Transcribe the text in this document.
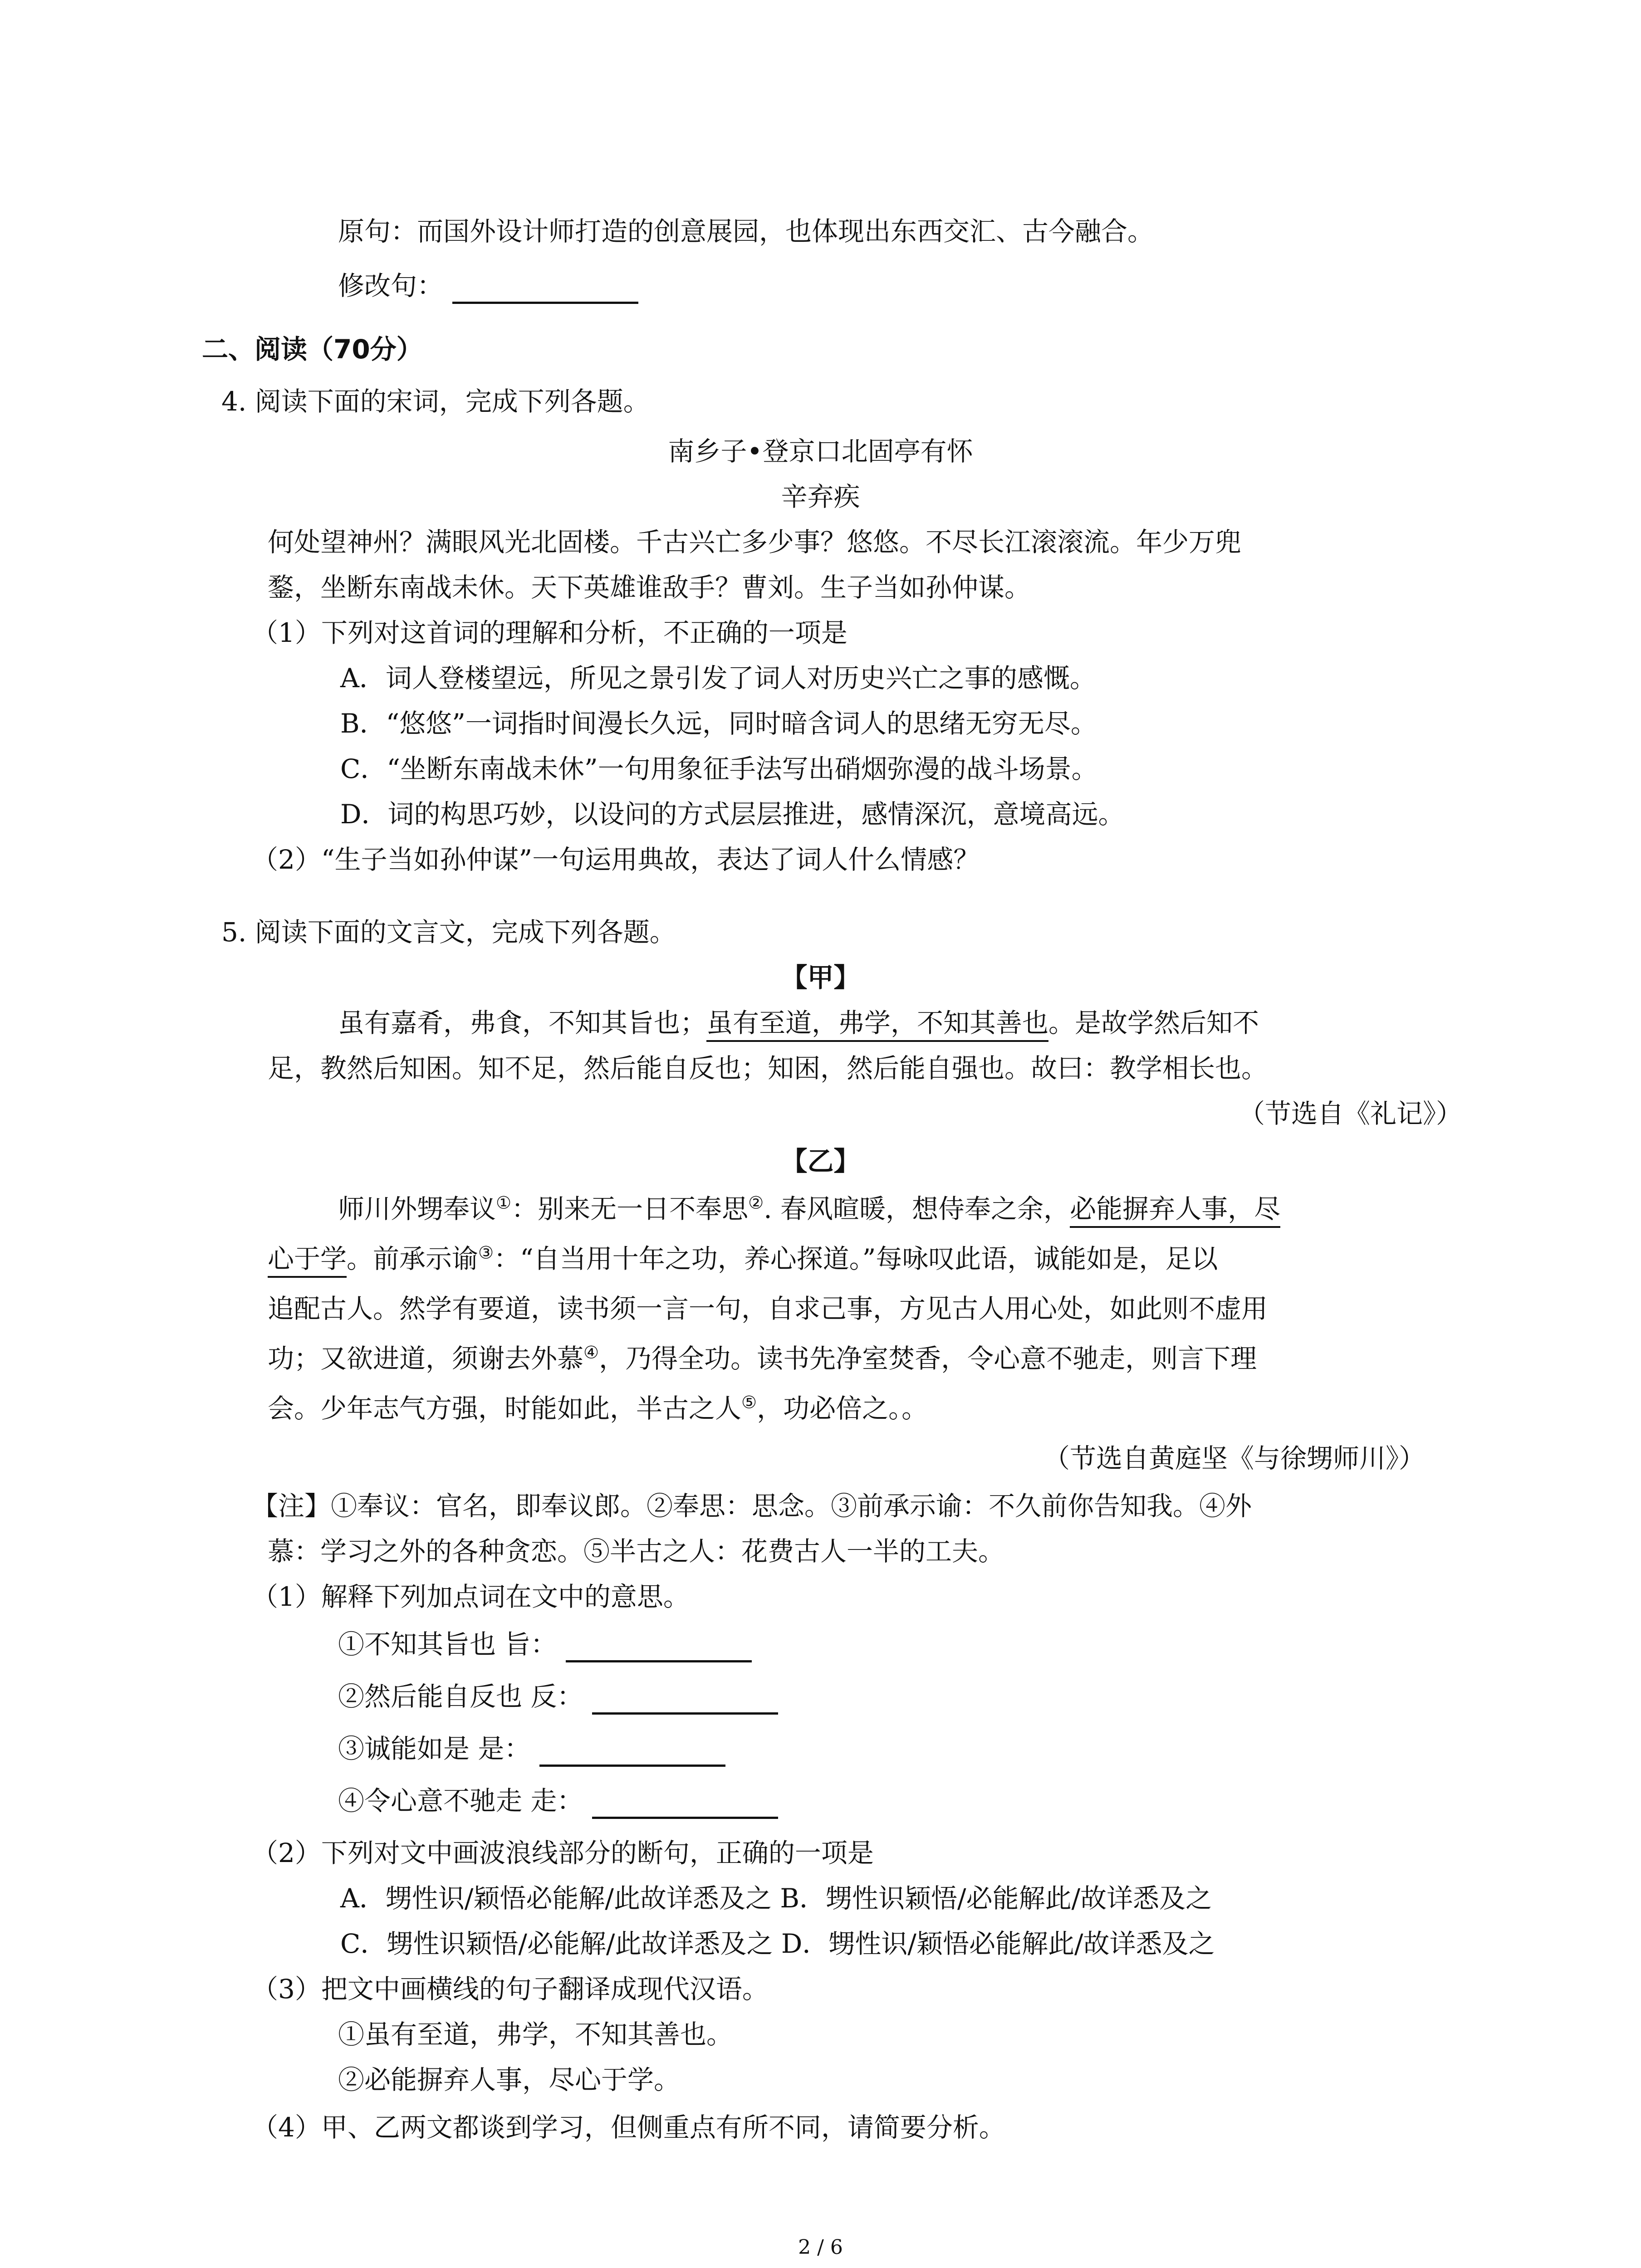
原句：而国外设计师打造的创意展园，也体现出东西交汇、古今融合。
修改句：
二、阅读（70分）
4. 阅读下面的宋词，完成下列各题。
南乡子•登京口北固亭有怀
辛弃疾
何处望神州？满眼风光北固楼。千古兴亡多少事？悠悠。不尽长江滚滚流。年少万兜
鍪，坐断东南战未休。天下英雄谁敌手？曹刘。生子当如孙仲谋。
（1）下列对这首词的理解和分析，不正确的一项是
A．词人登楼望远，所见之景引发了词人对历史兴亡之事的感慨。
B．“悠悠”一词指时间漫长久远，同时暗含词人的思绪无穷无尽。
C．“坐断东南战未休”一句用象征手法写出硝烟弥漫的战斗场景。
D．词的构思巧妙，以设问的方式层层推进，感情深沉，意境高远。
（2）“生子当如孙仲谋”一句运用典故，表达了词人什么情感？
5. 阅读下面的文言文，完成下列各题。
【甲】
虽有嘉肴，弗食，不知其旨也；虽有至道，弗学，不知其善也。是故学然后知不
足，教然后知困。知不足，然后能自反也；知困，然后能自强也。故曰：教学相长也。
（节选自《礼记》）
【乙】
师川外甥奉议①：别来无一日不奉思②. 春风暄暖，想侍奉之余，必能摒弃人事，尽
心于学。前承示谕③：“自当用十年之功，养心探道。”每咏叹此语，诚能如是，足以
追配古人。然学有要道，读书须一言一句，自求己事，方见古人用心处，如此则不虚用
功；又欲进道，须谢去外慕④，乃得全功。读书先净室焚香，令心意不驰走，则言下理
会。少年志气方强，时能如此，半古之人⑤，功必倍之。。
（节选自黄庭坚《与徐甥师川》）
【注】①奉议：官名，即奉议郎。②奉思：思念。③前承示谕：不久前你告知我。④外
慕：学习之外的各种贪恋。⑤半古之人：花费古人一半的工夫。
（1）解释下列加点词在文中的意思。
①不知其旨也 旨：
②然后能自反也 反：
③诚能如是 是：
④令心意不驰走 走：
（2）下列对文中画波浪线部分的断句，正确的一项是
A．甥性识/颖悟必能解/此故详悉及之 B．甥性识颖悟/必能解此/故详悉及之
C．甥性识颖悟/必能解/此故详悉及之 D．甥性识/颖悟必能解此/故详悉及之
（3）把文中画横线的句子翻译成现代汉语。
①虽有至道，弗学，不知其善也。
②必能摒弃人事，尽心于学。
（4）甲、乙两文都谈到学习，但侧重点有所不同，请简要分析。
2 / 6
